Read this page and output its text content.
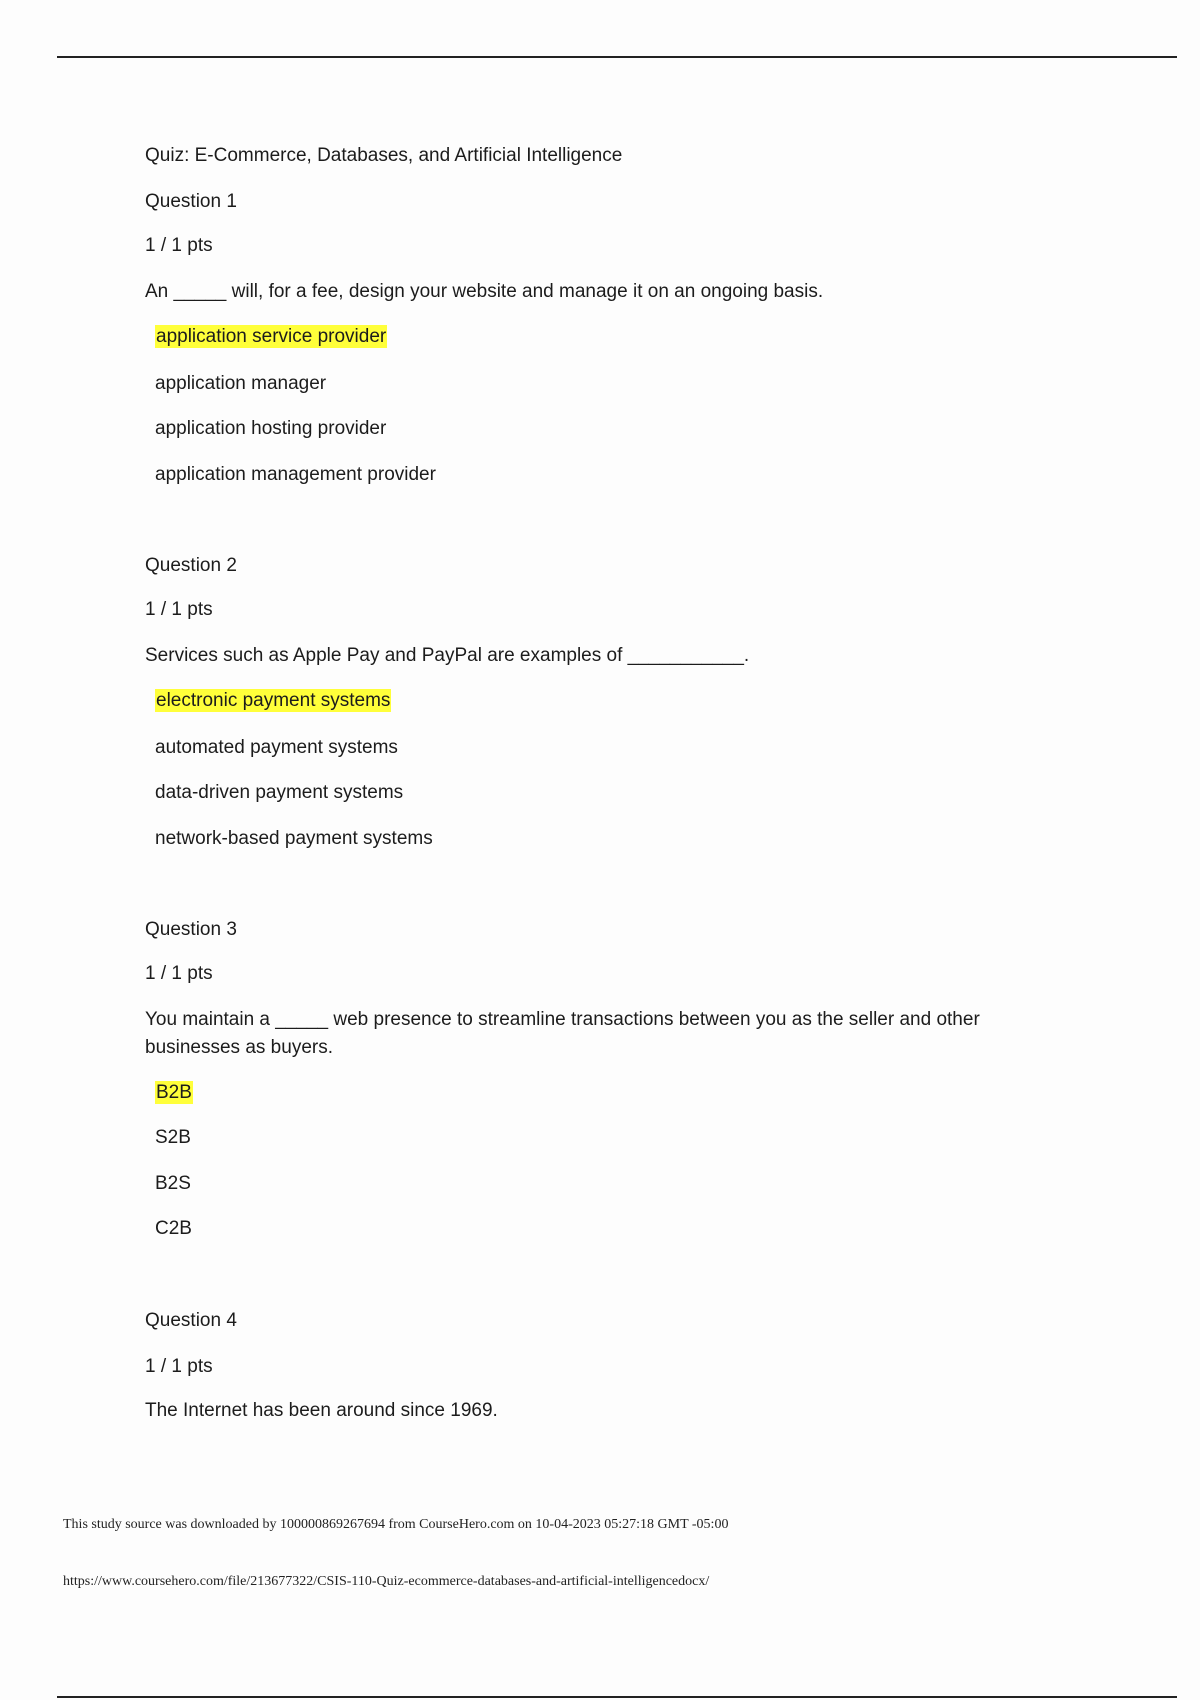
Quiz: E-Commerce, Databases, and Artificial Intelligence
Question 1
1 / 1 pts
An _____ will, for a fee, design your website and manage it on an ongoing basis.
application service provider
application manager
application hosting provider
application management provider
Question 2
1 / 1 pts
Services such as Apple Pay and PayPal are examples of ___________.
electronic payment systems
automated payment systems
data-driven payment systems
network-based payment systems
Question 3
1 / 1 pts
You maintain a _____ web presence to streamline transactions between you as the seller and other businesses as buyers.
B2B
S2B
B2S
C2B
Question 4
1 / 1 pts
The Internet has been around since 1969.
This study source was downloaded by 100000869267694 from CourseHero.com on 10-04-2023 05:27:18 GMT -05:00
https://www.coursehero.com/file/213677322/CSIS-110-Quiz-ecommerce-databases-and-artificial-intelligencedocx/
